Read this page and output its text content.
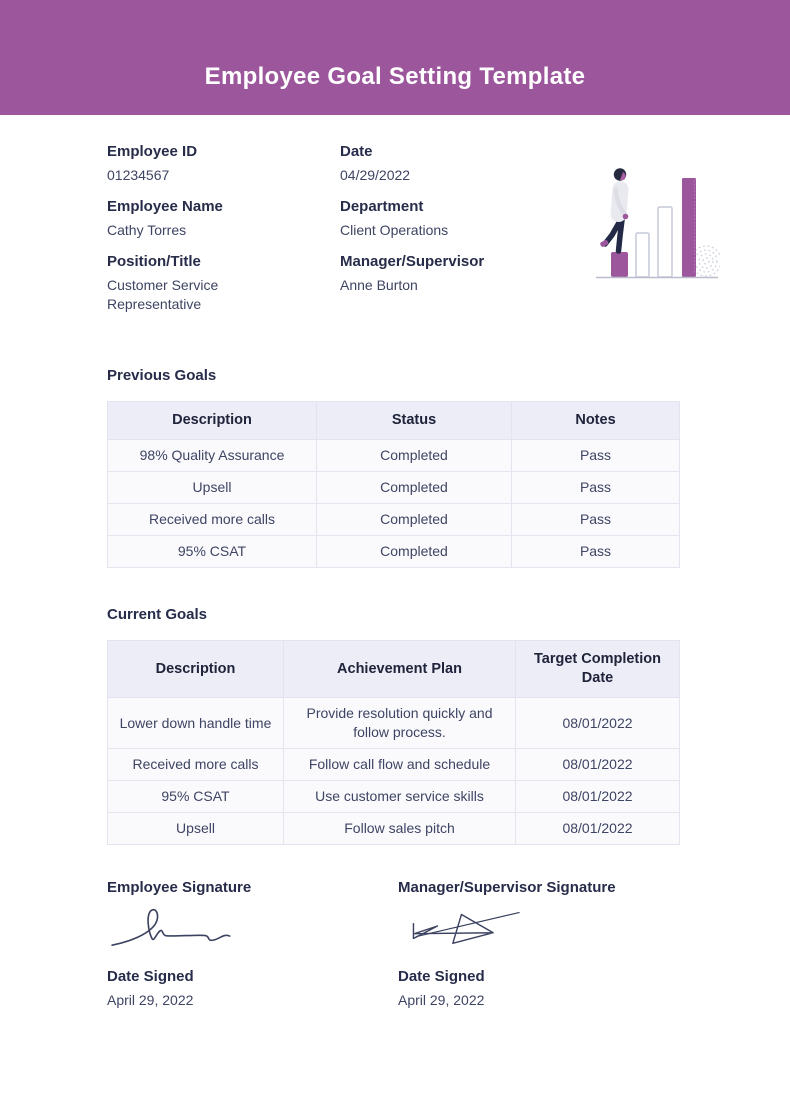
Employee Goal Setting Template
Employee ID
01234567
Employee Name
Cathy Torres
Position/Title
Customer Service Representative
Date
04/29/2022
Department
Client Operations
Manager/Supervisor
Anne Burton
Previous Goals
Description	Status	Notes
98% Quality Assurance	Completed	Pass
Upsell	Completed	Pass
Received more calls	Completed	Pass
95% CSAT	Completed	Pass
Current Goals
Description	Achievement Plan	Target Completion Date
Lower down handle time	Provide resolution quickly and follow process.	08/01/2022
Received more calls	Follow call flow and schedule	08/01/2022
95% CSAT	Use customer service skills	08/01/2022
Upsell	Follow sales pitch	08/01/2022
Employee Signature
Date Signed
April 29, 2022
Manager/Supervisor Signature
Date Signed
April 29, 2022
